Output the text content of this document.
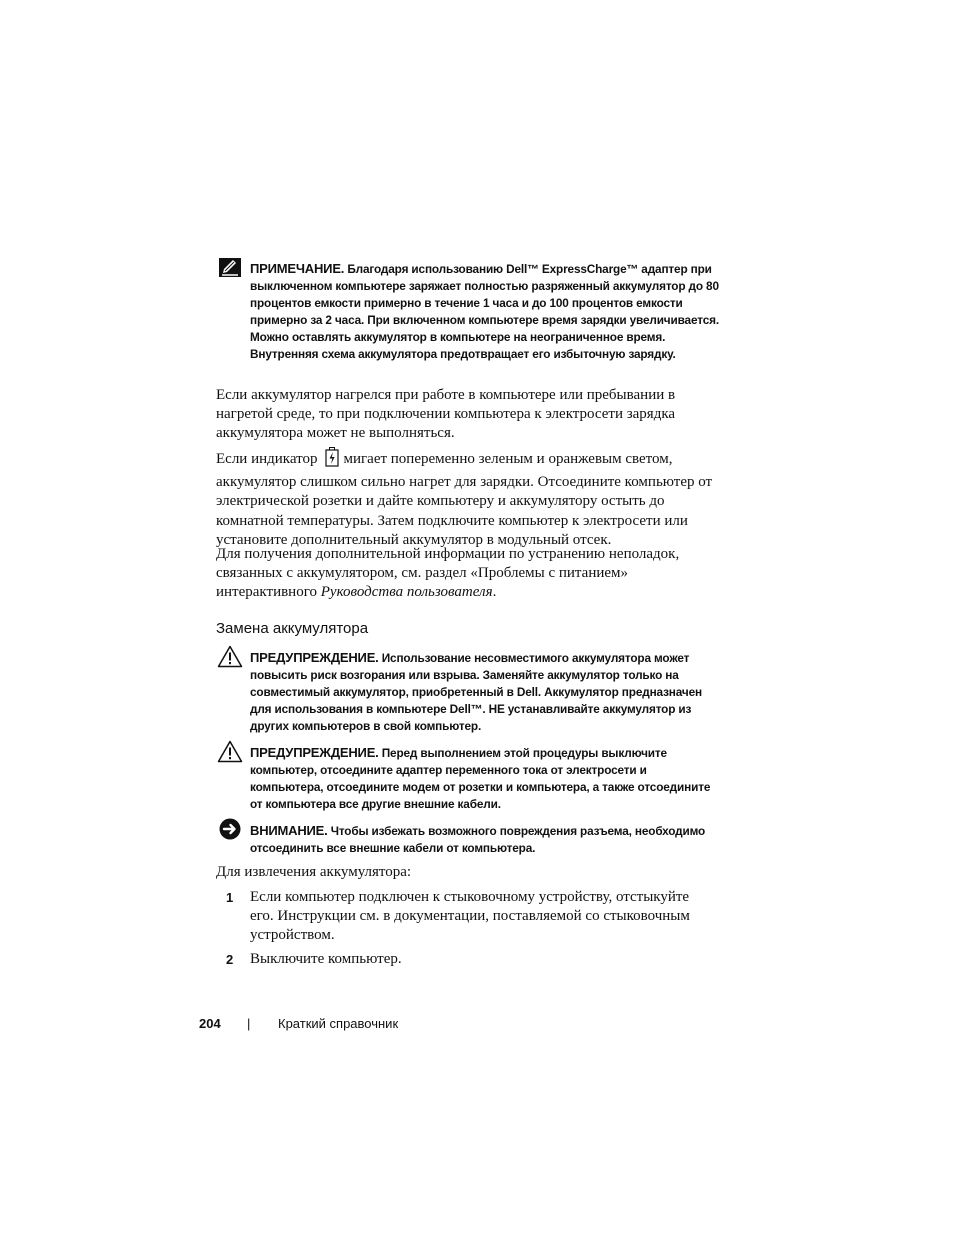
ПРИМЕЧАНИЕ. Благодаря использованию Dell™ ExpressCharge™ адаптер при выключенном компьютере заряжает полностью разряженный аккумулятор до 80 процентов емкости примерно в течение 1 часа и до 100 процентов емкости примерно за 2 часа. При включенном компьютере время зарядки увеличивается. Можно оставлять аккумулятор в компьютере на неограниченное время. Внутренняя схема аккумулятора предотвращает его избыточную зарядку.
Если аккумулятор нагрелся при работе в компьютере или пребывании в нагретой среде, то при подключении компьютера к электросети зарядка аккумулятора может не выполняться.
Если индикатор мигает попеременно зеленым и оранжевым светом, аккумулятор слишком сильно нагрет для зарядки. Отсоедините компьютер от электрической розетки и дайте компьютеру и аккумулятору остыть до комнатной температуры. Затем подключите компьютер к электросети или установите дополнительный аккумулятор в модульный отсек.
Для получения дополнительной информации по устранению неполадок, связанных с аккумулятором, см. раздел «Проблемы с питанием» интерактивного Руководства пользователя.
Замена аккумулятора
ПРЕДУПРЕЖДЕНИЕ. Использование несовместимого аккумулятора может повысить риск возгорания или взрыва. Заменяйте аккумулятор только на совместимый аккумулятор, приобретенный в Dell. Аккумулятор предназначен для использования в компьютере Dell™. НЕ устанавливайте аккумулятор из других компьютеров в свой компьютер.
ПРЕДУПРЕЖДЕНИЕ. Перед выполнением этой процедуры выключите компьютер, отсоедините адаптер переменного тока от электросети и компьютера, отсоедините модем от розетки и компьютера, а также отсоедините от компьютера все другие внешние кабели.
ВНИМАНИЕ. Чтобы избежать возможного повреждения разъема, необходимо отсоединить все внешние кабели от компьютера.
Для извлечения аккумулятора:
1 Если компьютер подключен к стыковочному устройству, отстыкуйте его. Инструкции см. в документации, поставляемой со стыковочным устройством.
2 Выключите компьютер.
204 | Краткий справочник
